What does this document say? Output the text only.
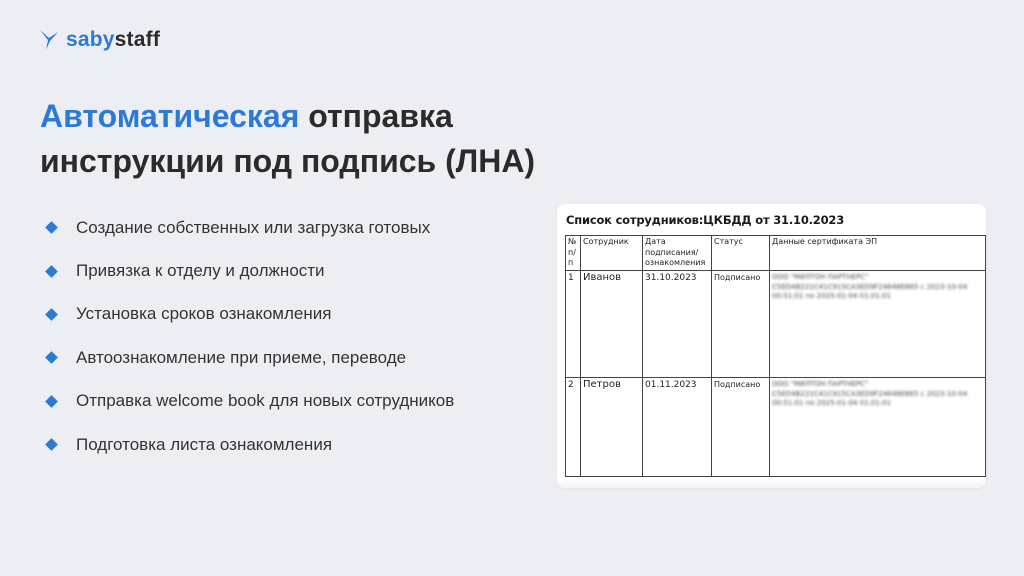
sabystaff
Автоматическая отправка
инструкции под подпись (ЛНА)
Создание собственных или загрузка готовых
Привязка к отделу и должности
Установка сроков ознакомления
Автоознакомление при приеме, переводе
Отправка welcome book для новых сотрудников
Подготовка листа ознакомления
Список сотрудников:ЦКБДД от 31.10.2023
№ п/ п	Сотрудник	Дата подписания/ ознакомления	Статус	Данные сертификата ЭП
1	Иванов	31.10.2023	Подписано	ООО "МИЛТОН ПАРТНЕРС" C5ED4B221C41C915CA3ED9F24648E865 с 2023-10-04 00:51:01 по 2025-01-04 01:01:01

2	Петров	01.11.2023	Подписано	ООО "МИЛТОН ПАРТНЕРС" C5ED4B221C41C915CA3ED9F24648E865 с 2023-10-04 00:51:01 по 2025-01-04 01:01:01
